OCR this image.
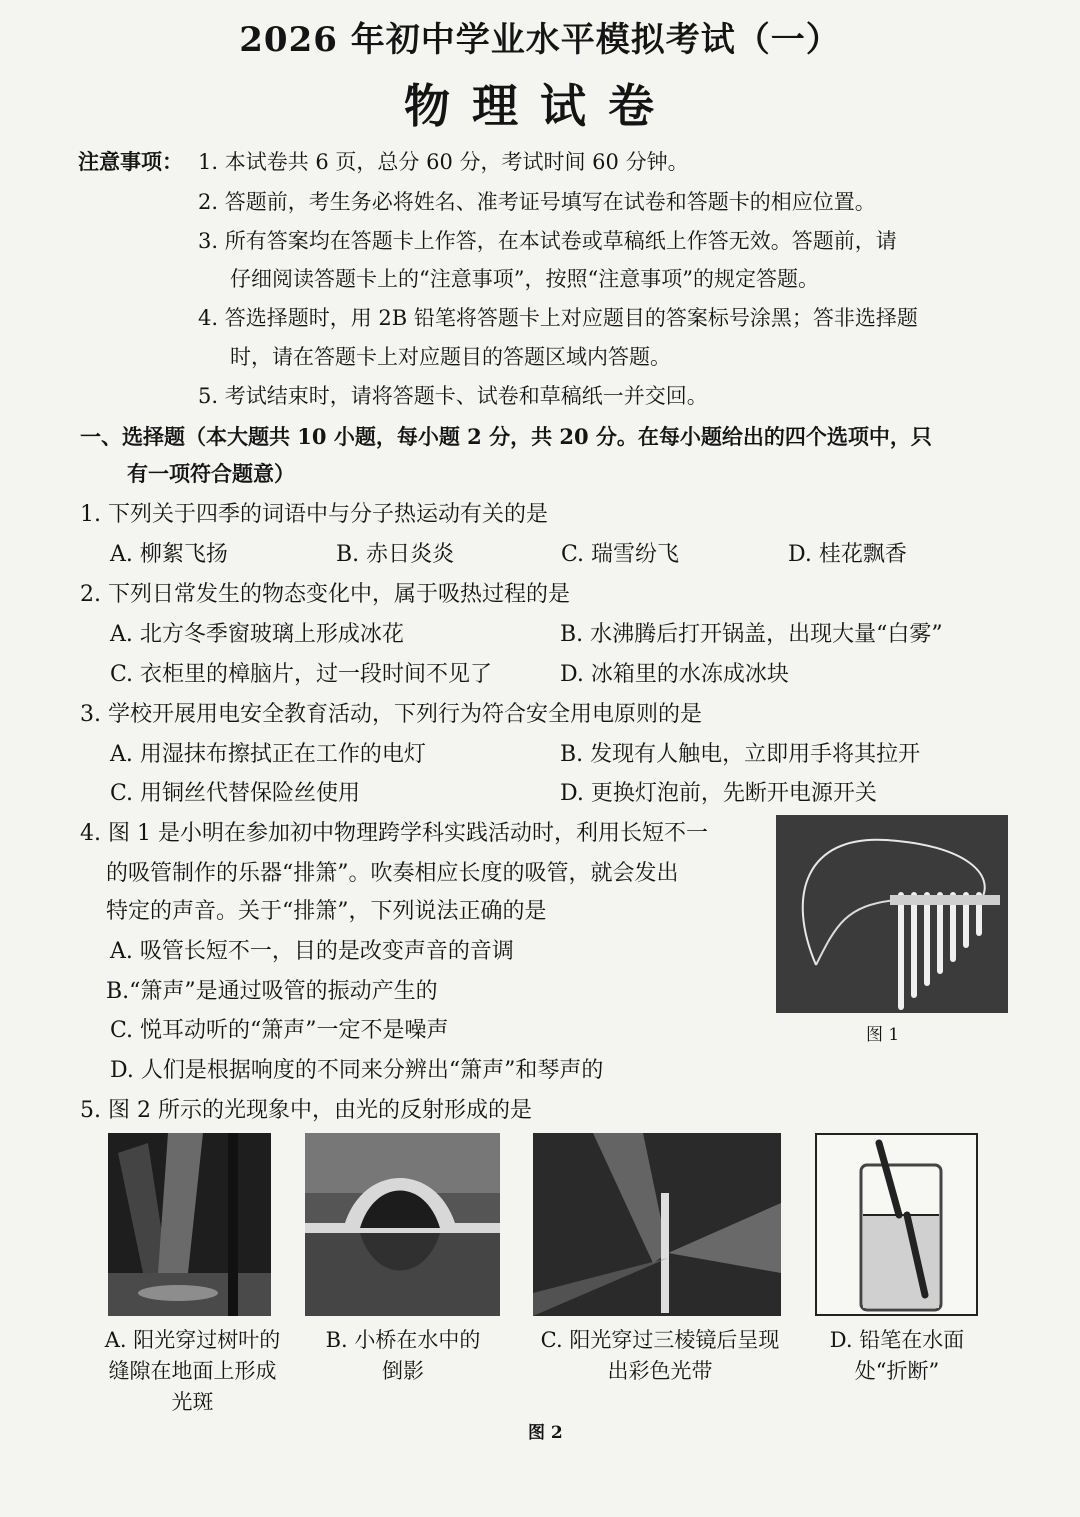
2026 年初中学业水平模拟考试（一）
物理试卷
注意事项： 1. 本试卷共 6 页，总分 60 分，考试时间 60 分钟。
2. 答题前，考生务必将姓名、准考证号填写在试卷和答题卡的相应位置。
3. 所有答案均在答题卡上作答，在本试卷或草稿纸上作答无效。答题前，请
仔细阅读答题卡上的“注意事项”，按照“注意事项”的规定答题。
4. 答选择题时，用 2B 铅笔将答题卡上对应题目的答案标号涂黑；答非选择题
时，请在答题卡上对应题目的答题区域内答题。
5. 考试结束时，请将答题卡、试卷和草稿纸一并交回。
一、选择题（本大题共 10 小题，每小题 2 分，共 20 分。在每小题给出的四个选项中，只
有一项符合题意）
1. 下列关于四季的词语中与分子热运动有关的是
A. 柳絮飞扬	B. 赤日炎炎	C. 瑞雪纷飞	D. 桂花飘香
2. 下列日常发生的物态变化中，属于吸热过程的是
A. 北方冬季窗玻璃上形成冰花	B. 水沸腾后打开锅盖，出现大量“白雾”
C. 衣柜里的樟脑片，过一段时间不见了	D. 冰箱里的水冻成冰块
3. 学校开展用电安全教育活动，下列行为符合安全用电原则的是
A. 用湿抹布擦拭正在工作的电灯	B. 发现有人触电，立即用手将其拉开
C. 用铜丝代替保险丝使用	D. 更换灯泡前，先断开电源开关
4. 图 1 是小明在参加初中物理跨学科实践活动时，利用长短不一
的吸管制作的乐器“排箫”。吹奏相应长度的吸管，就会发出
特定的声音。关于“排箫”，下列说法正确的是
A. 吸管长短不一，目的是改变声音的音调
B.“箫声”是通过吸管的振动产生的
C. 悦耳动听的“箫声”一定不是噪声
D. 人们是根据响度的不同来分辨出“箫声”和琴声的
图 1
5. 图 2 所示的光现象中，由光的反射形成的是
A. 阳光穿过树叶的缝隙在地面上形成光斑
B. 小桥在水中的倒影
C. 阳光穿过三棱镜后呈现出彩色光带
D. 铅笔在水面处“折断”
图 2
